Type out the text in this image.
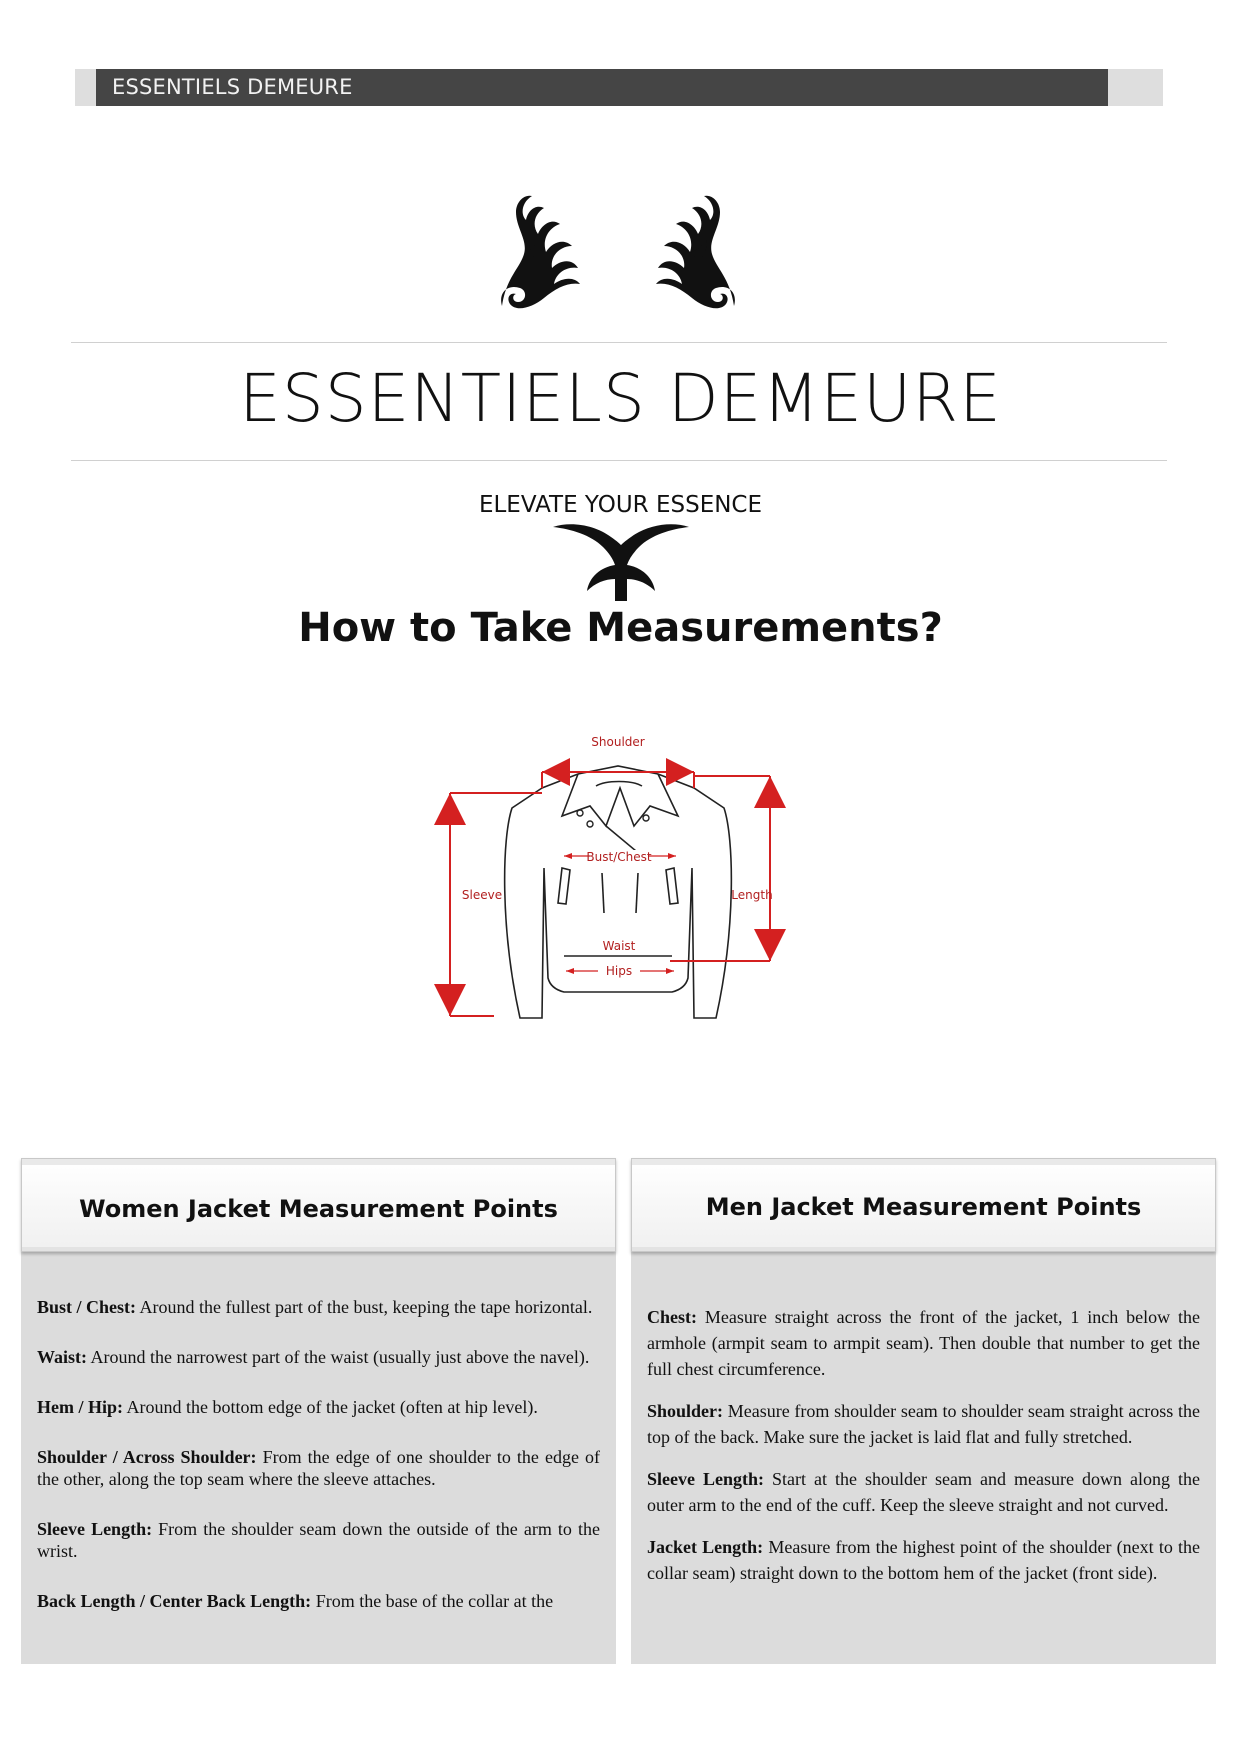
ESSENTIELS DEMEURE
ESSENTIELS DEMEURE
ELEVATE YOUR ESSENCE
How to Take Measurements?
Shoulder
Sleeve	Length
Bust/Chest
Waist
Hips
Women Jacket Measurement Points

Bust / Chest: Around the fullest part of the bust, keeping the tape horizontal.

Waist: Around the narrowest part of the waist (usually just above the navel).

Hem / Hip: Around the bottom edge of the jacket (often at hip level).

Shoulder / Across Shoulder: From the edge of one shoulder to the edge of the other, along the top seam where the sleeve attaches.

Sleeve Length: From the shoulder seam down the outside of the arm to the wrist.

Back Length / Center Back Length: From the base of the collar at the

Men Jacket Measurement Points

Chest: Measure straight across the front of the jacket, 1 inch below the armhole (armpit seam to armpit seam). Then double that number to get the full chest circumference.

Shoulder: Measure from shoulder seam to shoulder seam straight across the top of the back. Make sure the jacket is laid flat and fully stretched.

Sleeve Length: Start at the shoulder seam and measure down along the outer arm to the end of the cuff. Keep the sleeve straight and not curved.

Jacket Length: Measure from the highest point of the shoulder (next to the collar seam) straight down to the bottom hem of the jacket (front side).
